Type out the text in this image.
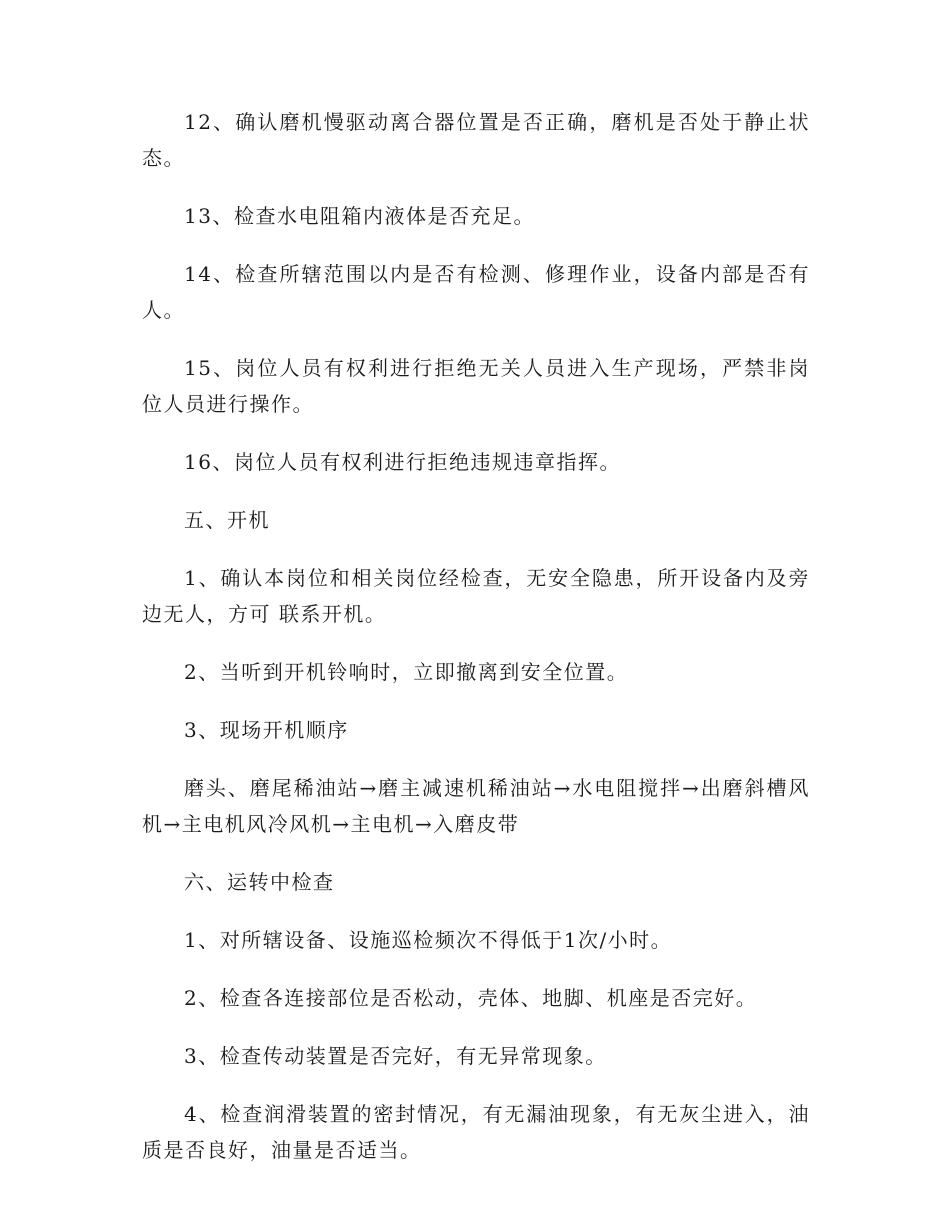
12、确认磨机慢驱动离合器位置是否正确，磨机是否处于静止状态。

13、检查水电阻箱内液体是否充足。

14、检查所辖范围以内是否有检测、修理作业，设备内部是否有人。

15、岗位人员有权利进行拒绝无关人员进入生产现场，严禁非岗位人员进行操作。

16、岗位人员有权利进行拒绝违规违章指挥。

五、开机

1、确认本岗位和相关岗位经检查，无安全隐患，所开设备内及旁边无人，方可 联系开机。

2、当听到开机铃响时，立即撤离到安全位置。

3、现场开机顺序

磨头、磨尾稀油站→磨主减速机稀油站→水电阻搅拌→出磨斜槽风机→主电机风冷风机→主电机→入磨皮带

六、运转中检查

1、对所辖设备、设施巡检频次不得低于1次/小时。

2、检查各连接部位是否松动，壳体、地脚、机座是否完好。

3、检查传动装置是否完好，有无异常现象。

4、检查润滑装置的密封情况，有无漏油现象，有无灰尘进入，油质是否良好，油量是否适当。
